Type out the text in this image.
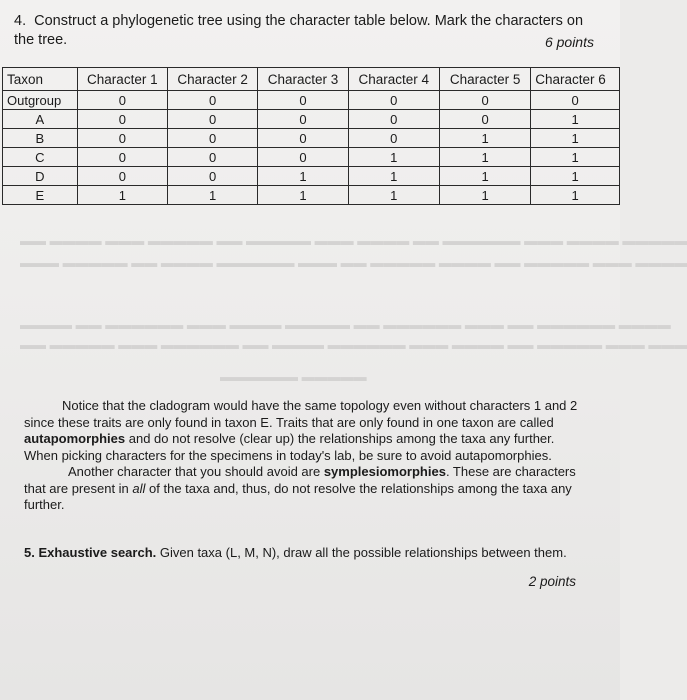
4. Construct a phylogenetic tree using the character table below. Mark the characters on the tree.	6 points
Taxon	Character 1	Character 2	Character 3	Character 4	Character 5	Character 6
Outgroup	0	0	0	0	0	0
A	0	0	0	0	0	1
B	0	0	0	0	1	1
C	0	0	0	1	1	1
D	0	0	1	1	1	1
E	1	1	1	1	1	1
▬▬ ▬▬▬▬ ▬▬▬ ▬▬▬▬▬ ▬▬ ▬▬▬▬▬ ▬▬▬ ▬▬▬▬ ▬▬ ▬▬▬▬▬▬ ▬▬▬ ▬▬▬▬ ▬▬▬▬▬
▬▬▬ ▬▬▬▬▬ ▬▬ ▬▬▬▬ ▬▬▬▬▬▬ ▬▬▬ ▬▬ ▬▬▬▬▬ ▬▬▬▬ ▬▬ ▬▬▬▬▬ ▬▬▬ ▬▬▬▬
▬▬▬▬ ▬▬ ▬▬▬▬▬▬ ▬▬▬ ▬▬▬▬ ▬▬▬▬▬ ▬▬ ▬▬▬▬▬▬ ▬▬▬ ▬▬ ▬▬▬▬▬▬ ▬▬▬▬
▬▬ ▬▬▬▬▬ ▬▬▬ ▬▬▬▬▬▬ ▬▬ ▬▬▬▬ ▬▬▬▬▬▬ ▬▬▬ ▬▬▬▬ ▬▬ ▬▬▬▬▬ ▬▬▬ ▬▬▬
▬▬▬▬▬▬ ▬▬▬▬▬

Notice that the cladogram would have the same topology even without characters 1 and 2 since these traits are only found in taxon E. Traits that are only found in one taxon are called autapomorphies and do not resolve (clear up) the relationships among the taxa any further. When picking characters for the specimens in today's lab, be sure to avoid autapomorphies.

Another character that you should avoid are symplesiomorphies. These are characters that are present in all of the taxa and, thus, do not resolve the relationships among the taxa any further.

5. Exhaustive search. Given taxa (L, M, N), draw all the possible relationships between them.
2 points
